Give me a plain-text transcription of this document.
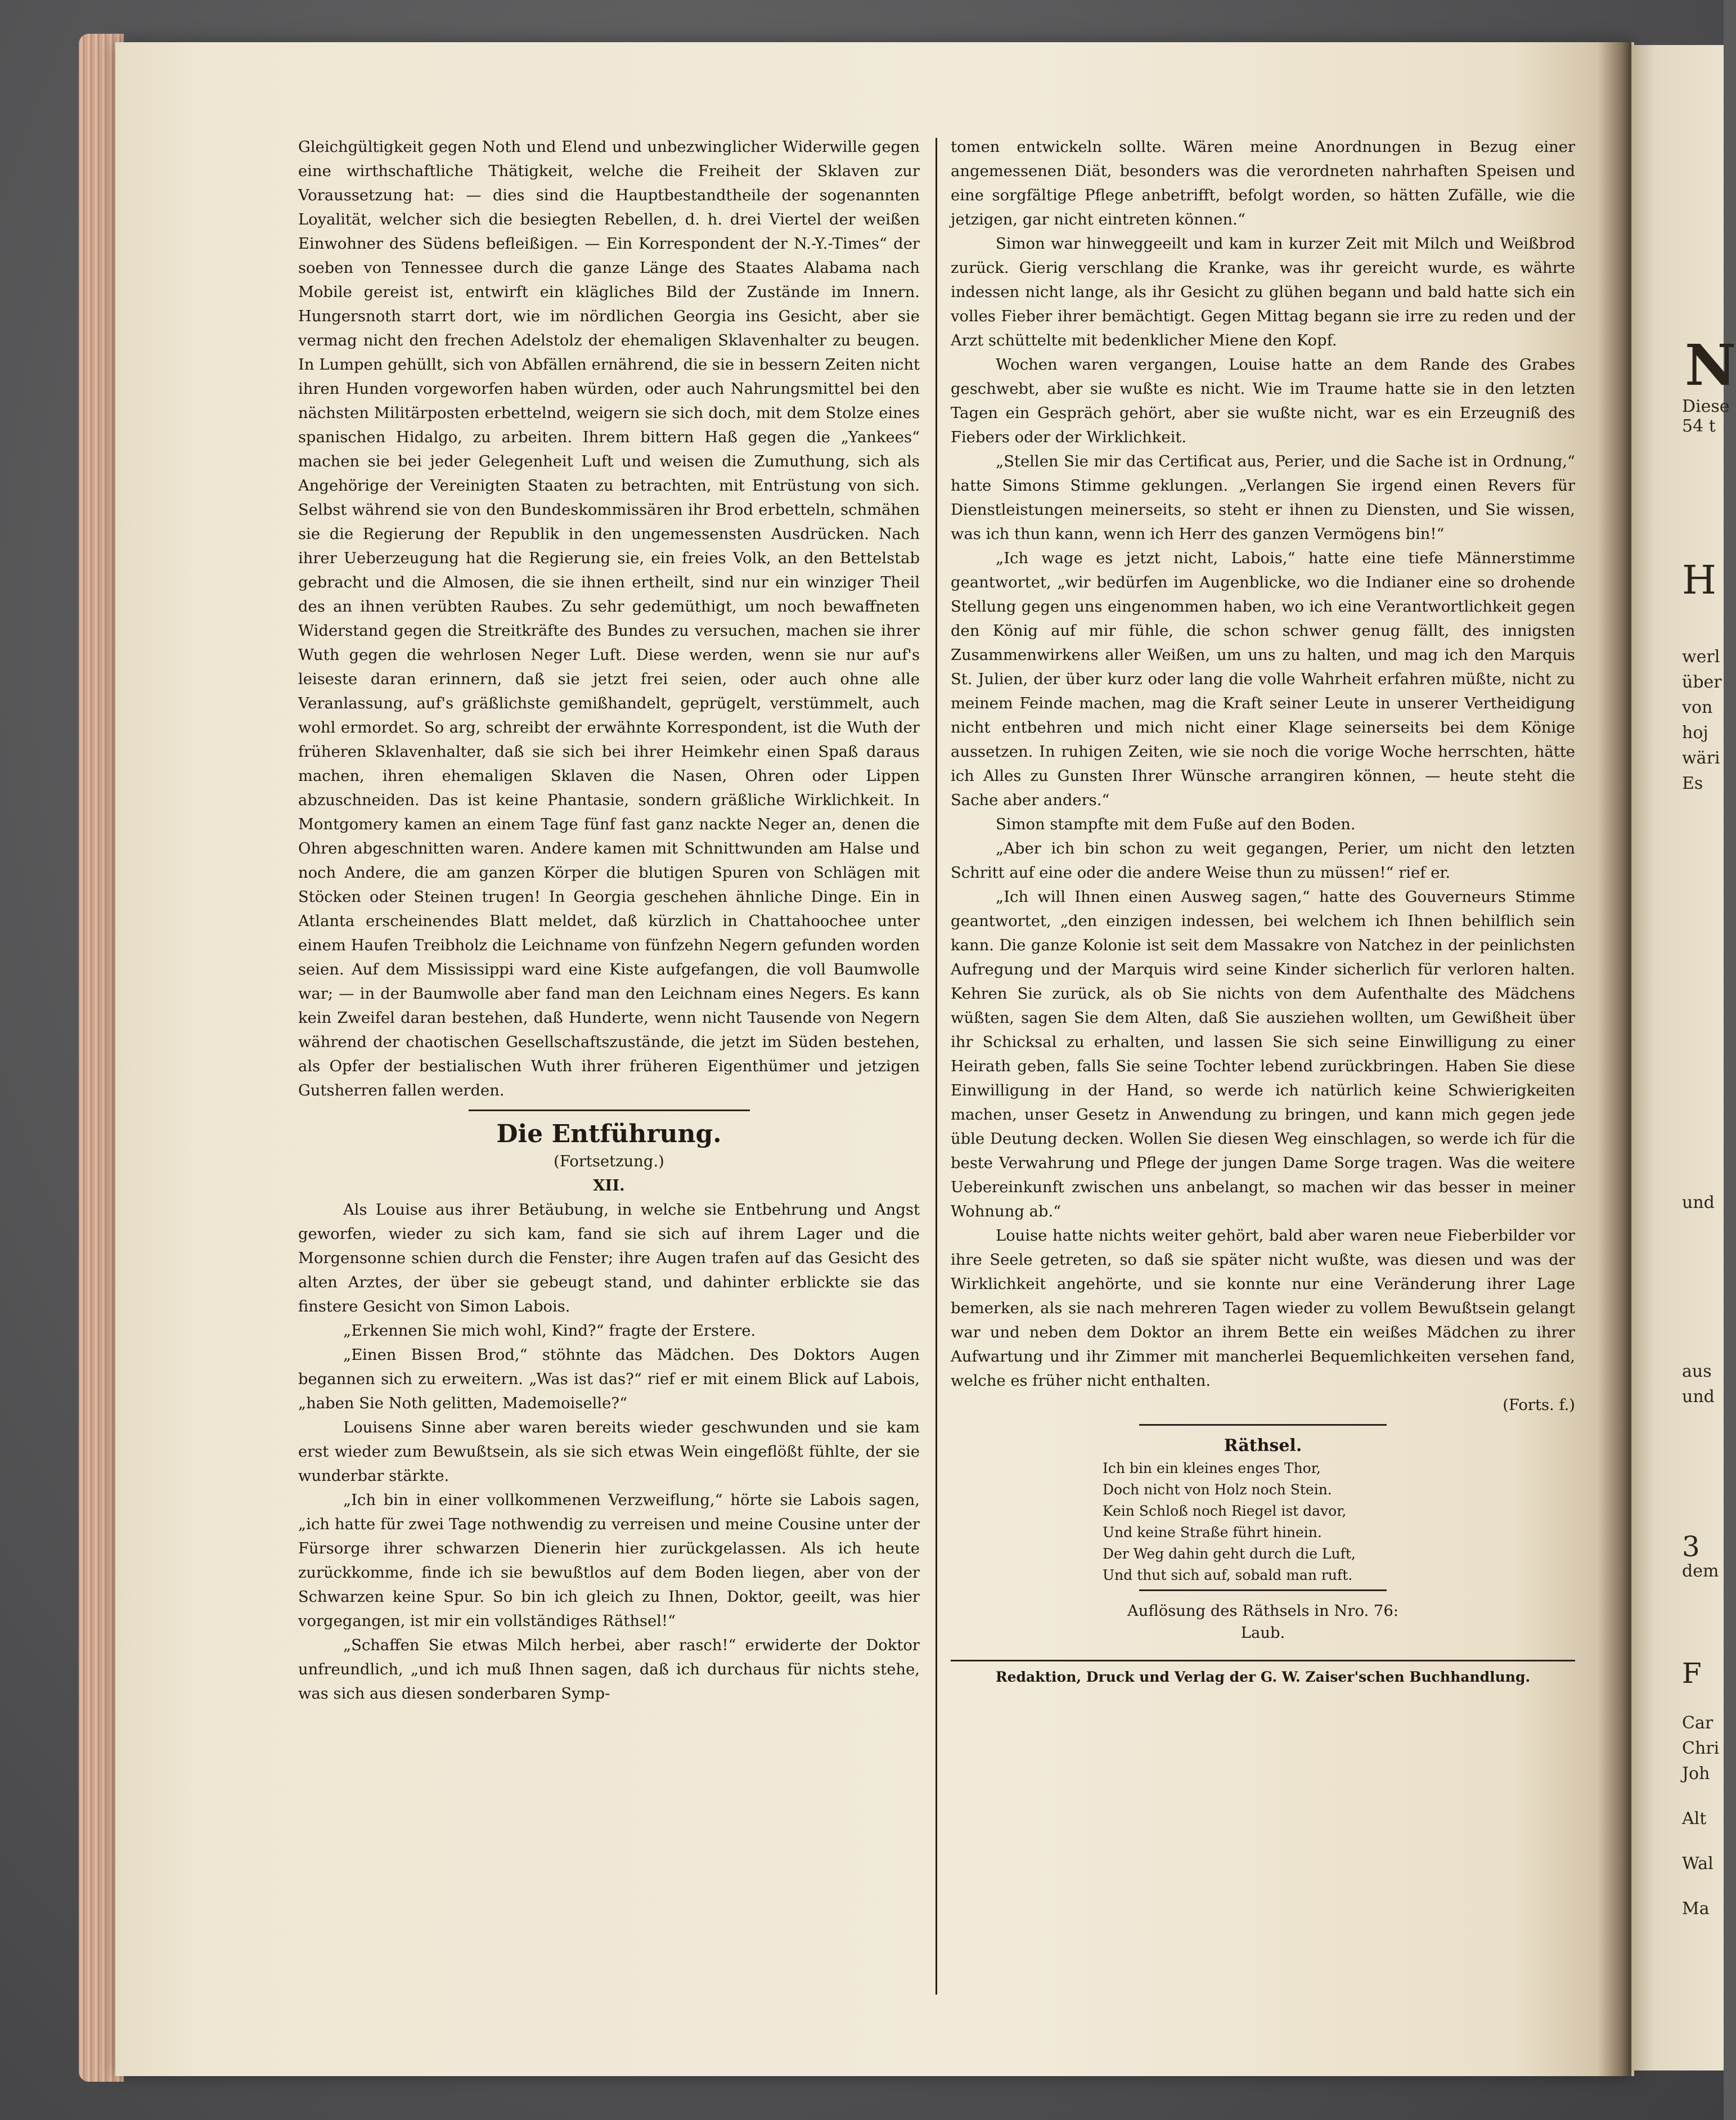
Gleichgültigkeit gegen Noth und Elend und unbezwinglicher Widerwille gegen eine wirthschaftliche Thätigkeit, welche die Freiheit der Sklaven zur Voraussetzung hat: — dies sind die Hauptbestandtheile der sogenannten Loyalität, welcher sich die besiegten Rebellen, d. h. drei Viertel der weißen Einwohner des Südens befleißigen. — Ein Korrespondent der N.-Y.-Times“ der soeben von Tennessee durch die ganze Länge des Staates Alabama nach Mobile gereist ist, entwirft ein klägliches Bild der Zustände im Innern. Hungersnoth starrt dort, wie im nördlichen Georgia ins Gesicht, aber sie vermag nicht den frechen Adelstolz der ehemaligen Sklavenhalter zu beugen. In Lumpen gehüllt, sich von Abfällen ernährend, die sie in bessern Zeiten nicht ihren Hunden vorgeworfen haben würden, oder auch Nahrungsmittel bei den nächsten Militärposten erbettelnd, weigern sie sich doch, mit dem Stolze eines spanischen Hidalgo, zu arbeiten. Ihrem bittern Haß gegen die „Yankees“ machen sie bei jeder Gelegenheit Luft und weisen die Zumuthung, sich als Angehörige der Vereinigten Staaten zu betrachten, mit Entrüstung von sich. Selbst während sie von den Bundeskommissären ihr Brod erbetteln, schmähen sie die Regierung der Republik in den ungemessensten Ausdrücken. Nach ihrer Ueberzeugung hat die Regierung sie, ein freies Volk, an den Bettelstab gebracht und die Almosen, die sie ihnen ertheilt, sind nur ein winziger Theil des an ihnen verübten Raubes. Zu sehr gedemüthigt, um noch bewaffneten Widerstand gegen die Streitkräfte des Bundes zu versuchen, machen sie ihrer Wuth gegen die wehrlosen Neger Luft. Diese werden, wenn sie nur auf's leiseste daran erinnern, daß sie jetzt frei seien, oder auch ohne alle Veranlassung, auf's gräßlichste gemißhandelt, geprügelt, verstümmelt, auch wohl ermordet. So arg, schreibt der erwähnte Korrespondent, ist die Wuth der früheren Sklavenhalter, daß sie sich bei ihrer Heimkehr einen Spaß daraus machen, ihren ehemaligen Sklaven die Nasen, Ohren oder Lippen abzuschneiden. Das ist keine Phantasie, sondern gräßliche Wirklichkeit. In Montgomery kamen an einem Tage fünf fast ganz nackte Neger an, denen die Ohren abgeschnitten waren. Andere kamen mit Schnittwunden am Halse und noch Andere, die am ganzen Körper die blutigen Spuren von Schlägen mit Stöcken oder Steinen trugen! In Georgia geschehen ähnliche Dinge. Ein in Atlanta erscheinendes Blatt meldet, daß kürzlich in Chattahoochee unter einem Haufen Treibholz die Leichname von fünfzehn Negern gefunden worden seien. Auf dem Mississippi ward eine Kiste aufgefangen, die voll Baumwolle war; — in der Baumwolle aber fand man den Leichnam eines Negers. Es kann kein Zweifel daran bestehen, daß Hunderte, wenn nicht Tausende von Negern während der chaotischen Gesellschaftszustände, die jetzt im Süden bestehen, als Opfer der bestialischen Wuth ihrer früheren Eigenthümer und jetzigen Gutsherren fallen werden.

Die Entführung.
(Fortsetzung.)
XII.

Als Louise aus ihrer Betäubung, in welche sie Entbehrung und Angst geworfen, wieder zu sich kam, fand sie sich auf ihrem Lager und die Morgensonne schien durch die Fenster; ihre Augen trafen auf das Gesicht des alten Arztes, der über sie gebeugt stand, und dahinter erblickte sie das finstere Gesicht von Simon Labois.

„Erkennen Sie mich wohl, Kind?“ fragte der Erstere.

„Einen Bissen Brod,“ stöhnte das Mädchen. Des Doktors Augen begannen sich zu erweitern. „Was ist das?“ rief er mit einem Blick auf Labois, „haben Sie Noth gelitten, Mademoiselle?“

Louisens Sinne aber waren bereits wieder geschwunden und sie kam erst wieder zum Bewußtsein, als sie sich etwas Wein eingeflößt fühlte, der sie wunderbar stärkte.

„Ich bin in einer vollkommenen Verzweiflung,“ hörte sie Labois sagen, „ich hatte für zwei Tage nothwendig zu verreisen und meine Cousine unter der Fürsorge ihrer schwarzen Dienerin hier zurückgelassen. Als ich heute zurückkomme, finde ich sie bewußtlos auf dem Boden liegen, aber von der Schwarzen keine Spur. So bin ich gleich zu Ihnen, Doktor, geeilt, was hier vorgegangen, ist mir ein vollständiges Räthsel!“

„Schaffen Sie etwas Milch herbei, aber rasch!“ erwiderte der Doktor unfreundlich, „und ich muß Ihnen sagen, daß ich durchaus für nichts stehe, was sich aus diesen sonderbaren Symp-

tomen entwickeln sollte. Wären meine Anordnungen in Bezug einer angemessenen Diät, besonders was die verordneten nahrhaften Speisen und eine sorgfältige Pflege anbetrifft, befolgt worden, so hätten Zufälle, wie die jetzigen, gar nicht eintreten können.“

Simon war hinweggeeilt und kam in kurzer Zeit mit Milch und Weißbrod zurück. Gierig verschlang die Kranke, was ihr gereicht wurde, es währte indessen nicht lange, als ihr Gesicht zu glühen begann und bald hatte sich ein volles Fieber ihrer bemächtigt. Gegen Mittag begann sie irre zu reden und der Arzt schüttelte mit bedenklicher Miene den Kopf.

Wochen waren vergangen, Louise hatte an dem Rande des Grabes geschwebt, aber sie wußte es nicht. Wie im Traume hatte sie in den letzten Tagen ein Gespräch gehört, aber sie wußte nicht, war es ein Erzeugniß des Fiebers oder der Wirklichkeit.

„Stellen Sie mir das Certificat aus, Perier, und die Sache ist in Ordnung,“ hatte Simons Stimme geklungen. „Verlangen Sie irgend einen Revers für Dienstleistungen meinerseits, so steht er ihnen zu Diensten, und Sie wissen, was ich thun kann, wenn ich Herr des ganzen Vermögens bin!“

„Ich wage es jetzt nicht, Labois,“ hatte eine tiefe Männerstimme geantwortet, „wir bedürfen im Augenblicke, wo die Indianer eine so drohende Stellung gegen uns eingenommen haben, wo ich eine Verantwortlichkeit gegen den König auf mir fühle, die schon schwer genug fällt, des innigsten Zusammenwirkens aller Weißen, um uns zu halten, und mag ich den Marquis St. Julien, der über kurz oder lang die volle Wahrheit erfahren müßte, nicht zu meinem Feinde machen, mag die Kraft seiner Leute in unserer Vertheidigung nicht entbehren und mich nicht einer Klage seinerseits bei dem Könige aussetzen. In ruhigen Zeiten, wie sie noch die vorige Woche herrschten, hätte ich Alles zu Gunsten Ihrer Wünsche arrangiren können, — heute steht die Sache aber anders.“

Simon stampfte mit dem Fuße auf den Boden.

„Aber ich bin schon zu weit gegangen, Perier, um nicht den letzten Schritt auf eine oder die andere Weise thun zu müssen!“ rief er.

„Ich will Ihnen einen Ausweg sagen,“ hatte des Gouverneurs Stimme geantwortet, „den einzigen indessen, bei welchem ich Ihnen behilflich sein kann. Die ganze Kolonie ist seit dem Massakre von Natchez in der peinlichsten Aufregung und der Marquis wird seine Kinder sicherlich für verloren halten. Kehren Sie zurück, als ob Sie nichts von dem Aufenthalte des Mädchens wüßten, sagen Sie dem Alten, daß Sie ausziehen wollten, um Gewißheit über ihr Schicksal zu erhalten, und lassen Sie sich seine Einwilligung zu einer Heirath geben, falls Sie seine Tochter lebend zurückbringen. Haben Sie diese Einwilligung in der Hand, so werde ich natürlich keine Schwierigkeiten machen, unser Gesetz in Anwendung zu bringen, und kann mich gegen jede üble Deutung decken. Wollen Sie diesen Weg einschlagen, so werde ich für die beste Verwahrung und Pflege der jungen Dame Sorge tragen. Was die weitere Uebereinkunft zwischen uns anbelangt, so machen wir das besser in meiner Wohnung ab.“

Louise hatte nichts weiter gehört, bald aber waren neue Fieberbilder vor ihre Seele getreten, so daß sie später nicht wußte, was diesen und was der Wirklichkeit angehörte, und sie konnte nur eine Veränderung ihrer Lage bemerken, als sie nach mehreren Tagen wieder zu vollem Bewußtsein gelangt war und neben dem Doktor an ihrem Bette ein weißes Mädchen zu ihrer Aufwartung und ihr Zimmer mit mancherlei Bequemlichkeiten versehen fand, welche es früher nicht enthalten.

(Forts. f.)
Räthsel.
Ich bin ein kleines enges Thor,
Doch nicht von Holz noch Stein.
Kein Schloß noch Riegel ist davor,
Und keine Straße führt hinein.
Der Weg dahin geht durch die Luft,
Und thut sich auf, sobald man ruft.
Auflösung des Räthsels in Nro. 76:
Laub.
Redaktion, Druck und Verlag der G. W. Zaiser'schen Buchhandlung.
N
Diese
54 t
H
werl
über
von
hoj
wäri
Es
und
aus
und
3
dem
F
Car
Chri
Joh
Alt
Wal
Ma
